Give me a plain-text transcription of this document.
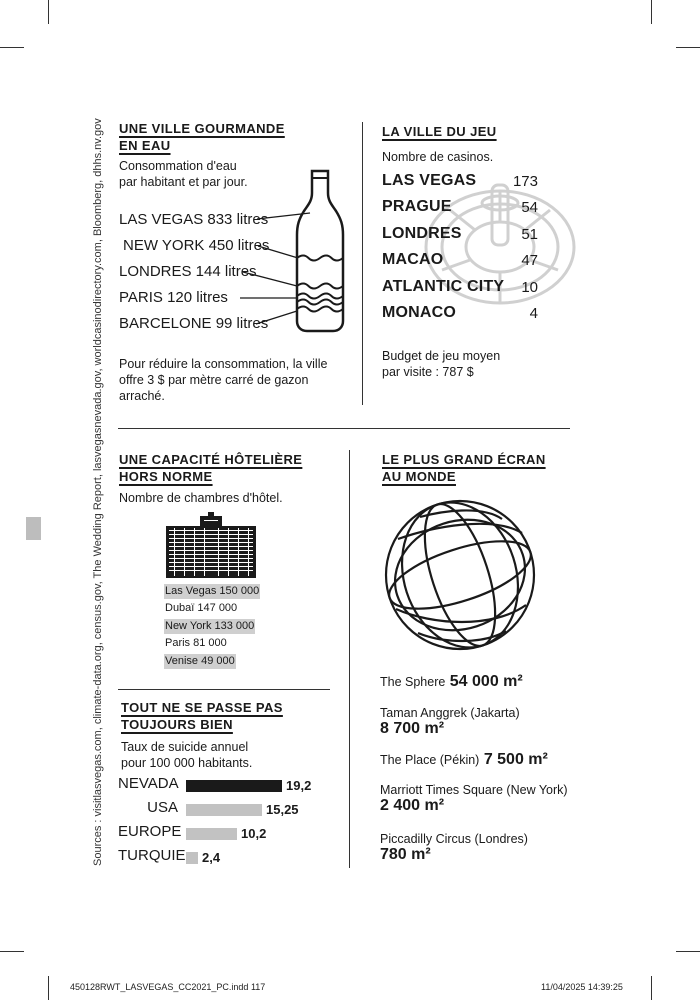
Sources : visitlasvegas.com, climate-data.org, census.gov, The Wedding Report, lasvegasnevada.gov, worldcasinodirectory.com, Bloomberg, dhhs.nv.gov UNE VILLE GOURMANDE
EN EAU
Consommation d'eau
par habitant et par jour.
LAS VEGAS 833 litres
NEW YORK 450 litres
LONDRES 144 litres
PARIS 120 litres
BARCELONE 99 litres
Pour réduire la consommation, la ville
offre 3 $ par mètre carré de gazon
arraché.
LA VILLE DU JEU
Nombre de casinos.
LAS VEGAS	173
PRAGUE	54
LONDRES	51
MACAO	47
ATLANTIC CITY	10
MONACO	4
Budget de jeu moyen
par visite : 787 $
UNE CAPACITÉ HÔTELIÈRE
HORS NORME
Nombre de chambres d'hôtel.
Las Vegas 150 000
Dubaï 147 000
New York 133 000
Paris 81 000
Venise 49 000
LE PLUS GRAND ÉCRAN
AU MONDE
The Sphere 54 000 m²
Taman Anggrek (Jakarta)
8 700 m²
The Place (Pékin) 7 500 m²
Marriott Times Square (New York)
2 400 m²
Piccadilly Circus (Londres)
780 m²
TOUT NE SE PASSE PAS
TOUJOURS BIEN
Taux de suicide annuel
pour 100 000 habitants.
NEVADA	19,2
USA	15,25
EUROPE	10,2
TURQUIE 2,4
450128RWT_LASVEGAS_CC2021_PC.indd 117	11/04/2025 14:39:25
